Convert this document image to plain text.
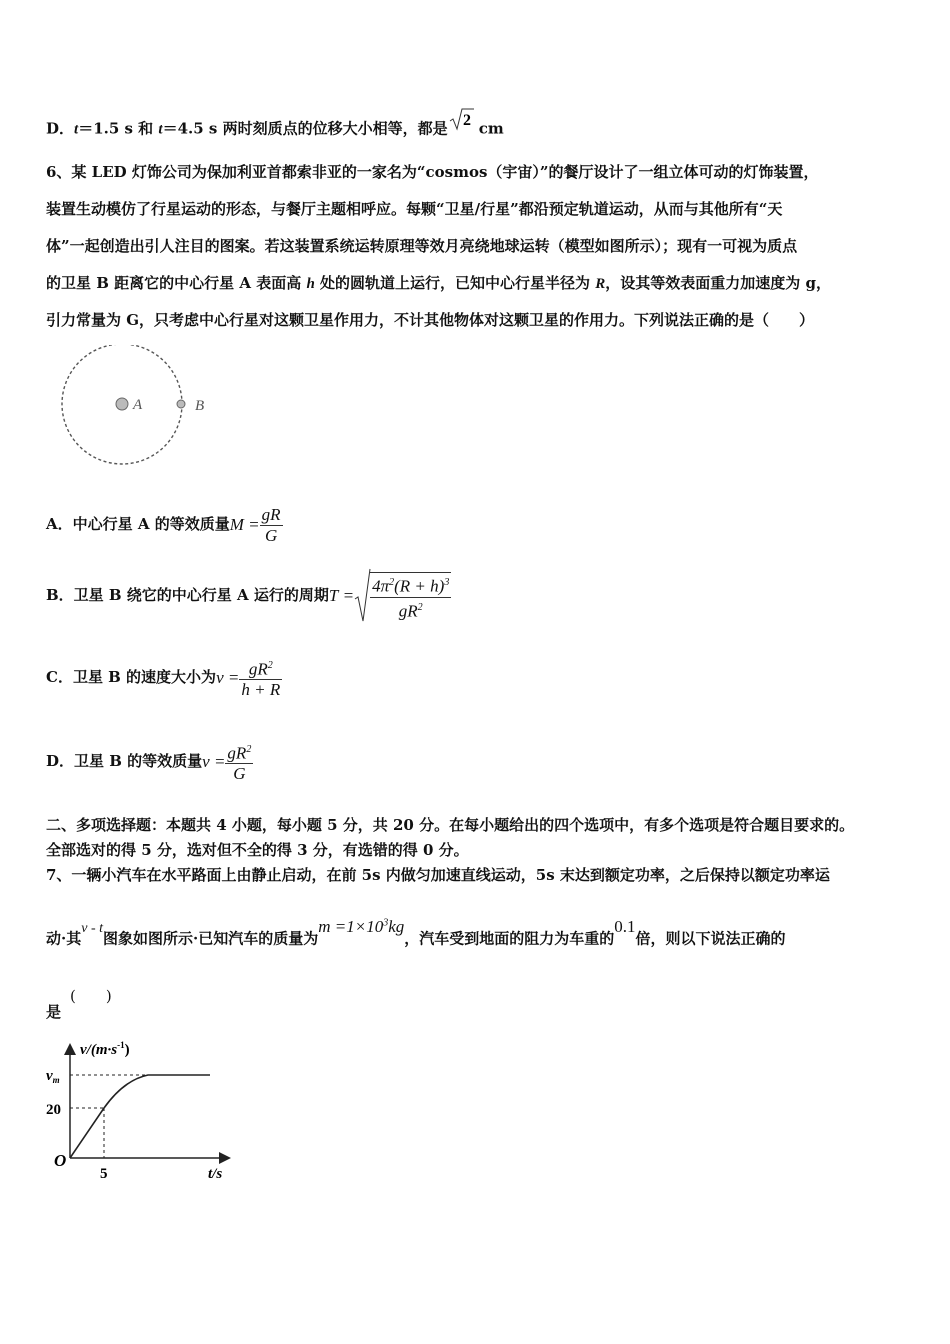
D．t＝1.5 s 和 t＝4.5 s 两时刻质点的位移大小相等，都是 2 cm
6、某 LED 灯饰公司为保加利亚首都索非亚的一家名为“cosmos（宇宙）”的餐厅设计了一组立体可动的灯饰装置，
装置生动模仿了行星运动的形态，与餐厅主题相呼应。每颗“卫星/行星”都沿预定轨道运动，从而与其他所有“天
体”一起创造出引人注目的图案。若这装置系统运转原理等效月亮绕地球运转（模型如图所示）；现有一可视为质点
的卫星 B 距离它的中心行星 A 表面高 h 处的圆轨道上运行，已知中心行星半径为 R，设其等效表面重力加速度为 g，
引力常量为 G，只考虑中心行星对这颗卫星作用力，不计其他物体对这颗卫星的作用力。下列说法正确的是（　　）
A	B
A．中心行星 A 的等效质量$M = \frac{gR}{G}$
B．卫星 B 绕它的中心行星 A 运行的周期$T = \frac{4\pi^2(R + h)^3}{gR^2}$
C．卫星 B 的速度大小为$v = \frac{gR^2}{h + R}$
D．卫星 B 的等效质量$v = \frac{gR^2}{G}$
二、多项选择题：本题共 4 小题，每小题 5 分，共 20 分。在每小题给出的四个选项中，有多个选项是符合题目要求的。
全部选对的得 5 分，选对但不全的得 3 分，有选错的得 0 分。
7、一辆小汽车在水平路面上由静止启动，在前 5s 内做匀加速直线运动，5s 末达到额定功率，之后保持以额定功率运
动·其v - t图象如图所示·已知汽车的质量为$m =1\times 10^3kg$，汽车受到地面的阻力为车重的0.1倍，则以下说法正确的
是
(　　)
$v/(m\cdot s^{-1})$
$v_m$
20
O
5	t/s
